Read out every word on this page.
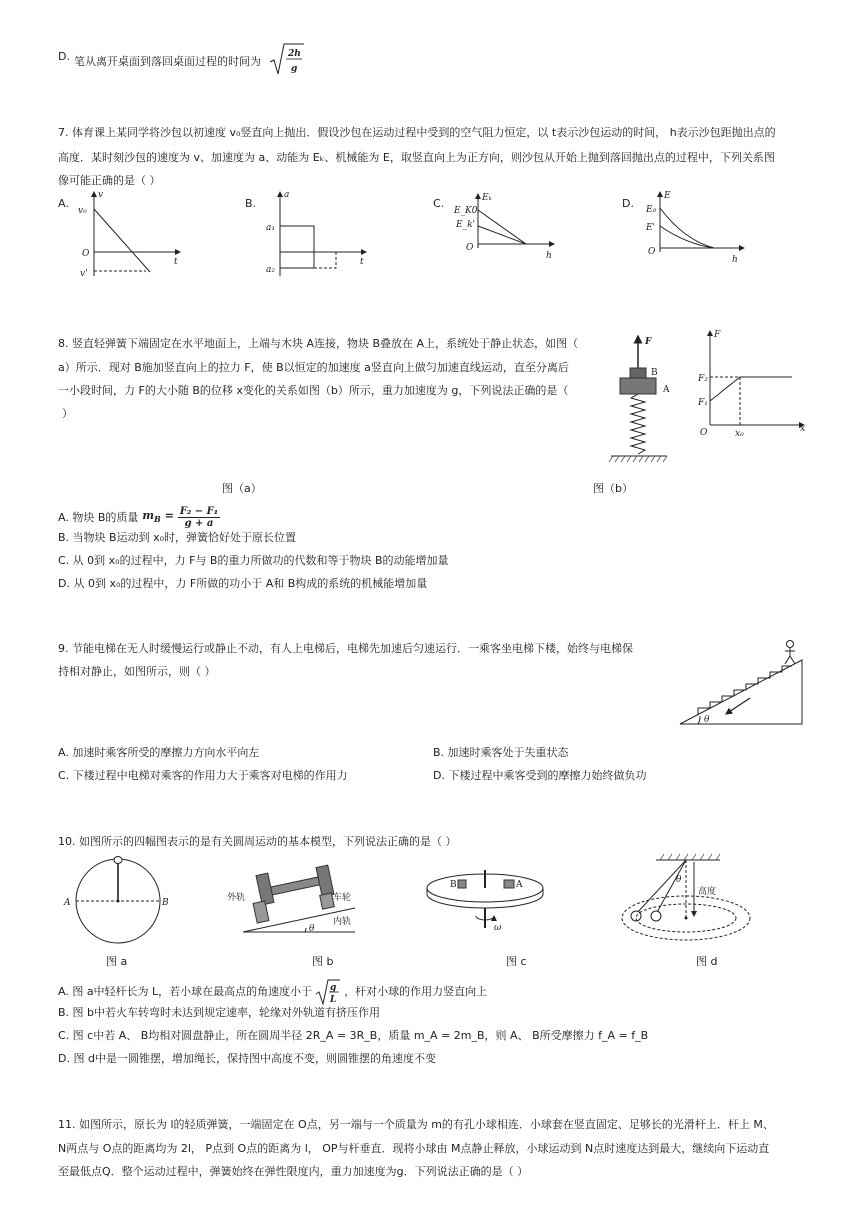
D. 笔从离开桌面到落回桌面过程的时间为
2h
g
7. 体育课上某同学将沙包以初速度 v₀竖直向上抛出．假设沙包在运动过程中受到的空气阻力恒定，以 t表示沙包运动的时间， h表示沙包距抛出点的
高度．某时刻沙包的速度为 v、加速度为 a、动能为 Eₖ、机械能为 E，取竖直向上为正方向，则沙包从开始上抛到落回抛出点的过程中，下列关系图
像可能正确的是（ ）
A.	B.	C.	D.
v
v₀
O
t
v'
a
a₁
a₂
t
Eₖ
E_K0
E_k'
O
h
E
E₀
E'
O
h
8. 竖直轻弹簧下端固定在水平地面上，上端与木块 A连接，物块 B叠放在 A上，系统处于静止状态，如图（
a）所示．现对 B施加竖直向上的拉力 F，使 B以恒定的加速度 a竖直向上做匀加速直线运动，直至分离后
一小段时间，力 F的大小随 B的位移 x变化的关系如图（b）所示，重力加速度为 g，下列说法正确的是（
）
F
B
A
F
F₂
F₁
O	x₀	x
图（a）	图（b）
A. 物块 B的质量 $m_B = \frac{\text{F₂ − F₁}}{g + a}$
B. 当物块 B运动到 x₀时，弹簧恰好处于原长位置
C. 从 0到 x₀的过程中，力 F与 B的重力所做功的代数和等于物块 B的动能增加量
D. 从 0到 x₀的过程中，力 F所做的功小于 A和 B构成的系统的机械能增加量
9. 节能电梯在无人时缓慢运行或静止不动，有人上电梯后，电梯先加速后匀速运行．一乘客坐电梯下楼，始终与电梯保
持相对静止，如图所示，则（ ）
θ
A. 加速时乘客所受的摩擦力方向水平向左	B. 加速时乘客处于失重状态
C. 下楼过程中电梯对乘客的作用力大于乘客对电梯的作用力	D. 下楼过程中乘客受到的摩擦力始终做负功
10. 如图所示的四幅图表示的是有关圆周运动的基本模型，下列说法正确的是（ ）
A	B
图 a
θ
外轨	车轮
内轨
图 b
B	A
ω
图 c
θ
高度
图 d
A. 图 a中轻杆长为 L，若小球在最高点的角速度小于 g
L
，杆对小球的作用力竖直向上
B. 图 b中若火车转弯时未达到规定速率，轮缘对外轨道有挤压作用
C. 图 c中若 A、 B均相对圆盘静止，所在圆周半径 2R_A = 3R_B，质量 m_A = 2m_B，则 A、 B所受摩擦力 f_A = f_B
D. 图 d中是一圆锥摆，增加绳长，保持图中高度不变，则圆锥摆的角速度不变
11. 如图所示，原长为 l的轻质弹簧，一端固定在 O点，另一端与一个质量为 m的有孔小球相连．小球套在竖直固定、足够长的光滑杆上．杆上 M、
N两点与 O点的距离均为 2l， P点到 O点的距离为 l， OP与杆垂直．现将小球由 M点静止释放，小球运动到 N点时速度达到最大，继续向下运动直
至最低点Q．整个运动过程中，弹簧始终在弹性限度内，重力加速度为g．下列说法正确的是（ ）
